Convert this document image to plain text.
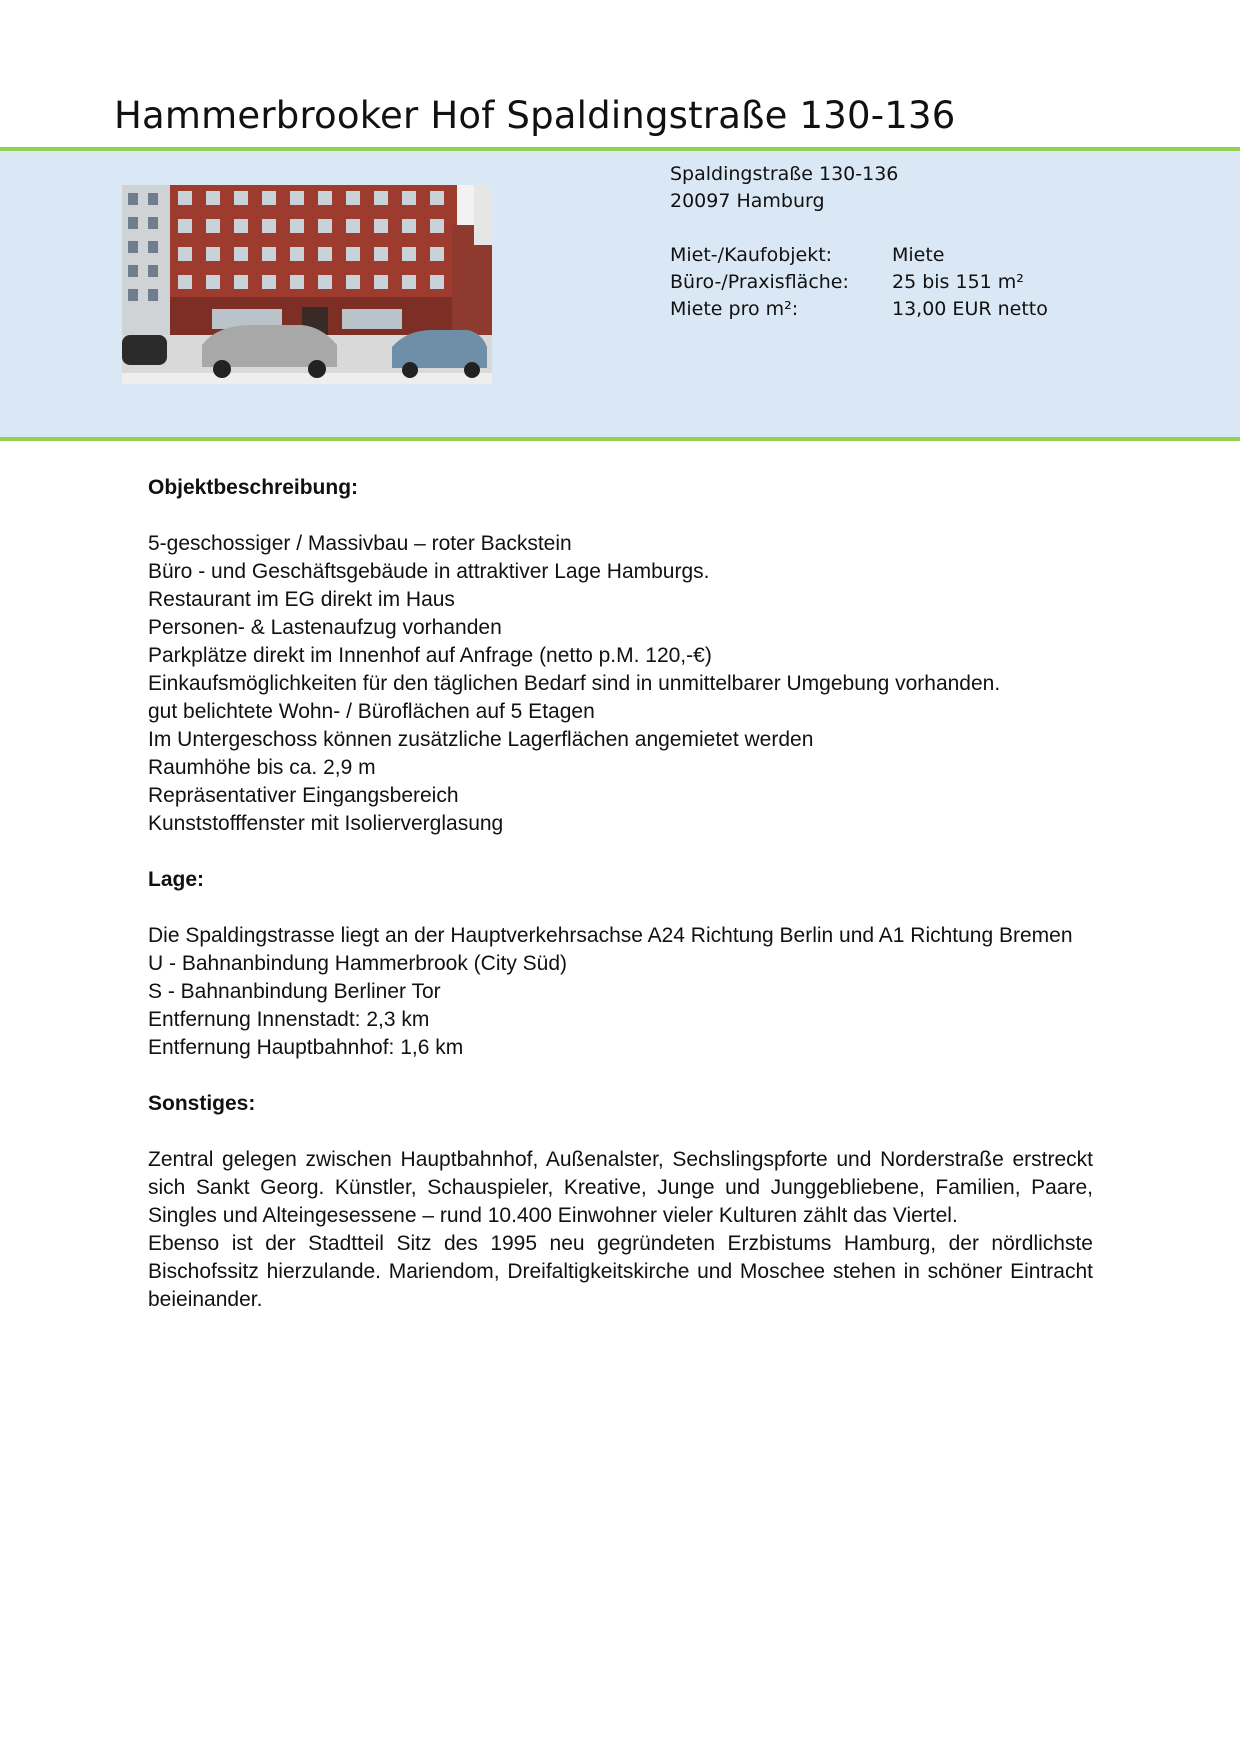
Hammerbrooker Hof Spaldingstraße 130-136
Spaldingstraße 130-136
20097 Hamburg
Miet-/Kaufobjekt:	Miete
Büro-/Praxisfläche:	25 bis 151 m²
Miete pro m²:	13,00 EUR netto
Objektbeschreibung:

5-geschossiger / Massivbau – roter Backstein

Büro - und Geschäftsgebäude in attraktiver Lage Hamburgs.

Restaurant im EG direkt im Haus

Personen- & Lastenaufzug vorhanden

Parkplätze direkt im Innenhof auf Anfrage (netto p.M. 120,-€)

Einkaufsmöglichkeiten für den täglichen Bedarf sind in unmittelbarer Umgebung vorhanden.

gut belichtete Wohn- / Büroflächen auf 5 Etagen

Im Untergeschoss können zusätzliche Lagerflächen angemietet werden

Raumhöhe bis ca. 2,9 m

Repräsentativer Eingangsbereich

Kunststofffenster mit Isolierverglasung

Lage:

Die Spaldingstrasse liegt an der Hauptverkehrsachse A24 Richtung Berlin und A1 Richtung Bremen

U - Bahnanbindung Hammerbrook (City Süd)

S - Bahnanbindung Berliner Tor

Entfernung Innenstadt: 2,3 km

Entfernung Hauptbahnhof: 1,6 km

Sonstiges:

Zentral gelegen zwischen Hauptbahnhof, Außenalster, Sechslingspforte und Norderstraße erstreckt sich Sankt Georg. Künstler, Schauspieler, Kreative, Junge und Junggebliebene, Familien, Paare, Singles und Alteingesessene – rund 10.400 Einwohner vieler Kulturen zählt das Viertel.

Ebenso ist der Stadtteil Sitz des 1995 neu gegründeten Erzbistums Hamburg, der nördlichste Bischofssitz hierzulande. Mariendom, Dreifaltigkeitskirche und Moschee stehen in schöner Eintracht beieinander.
